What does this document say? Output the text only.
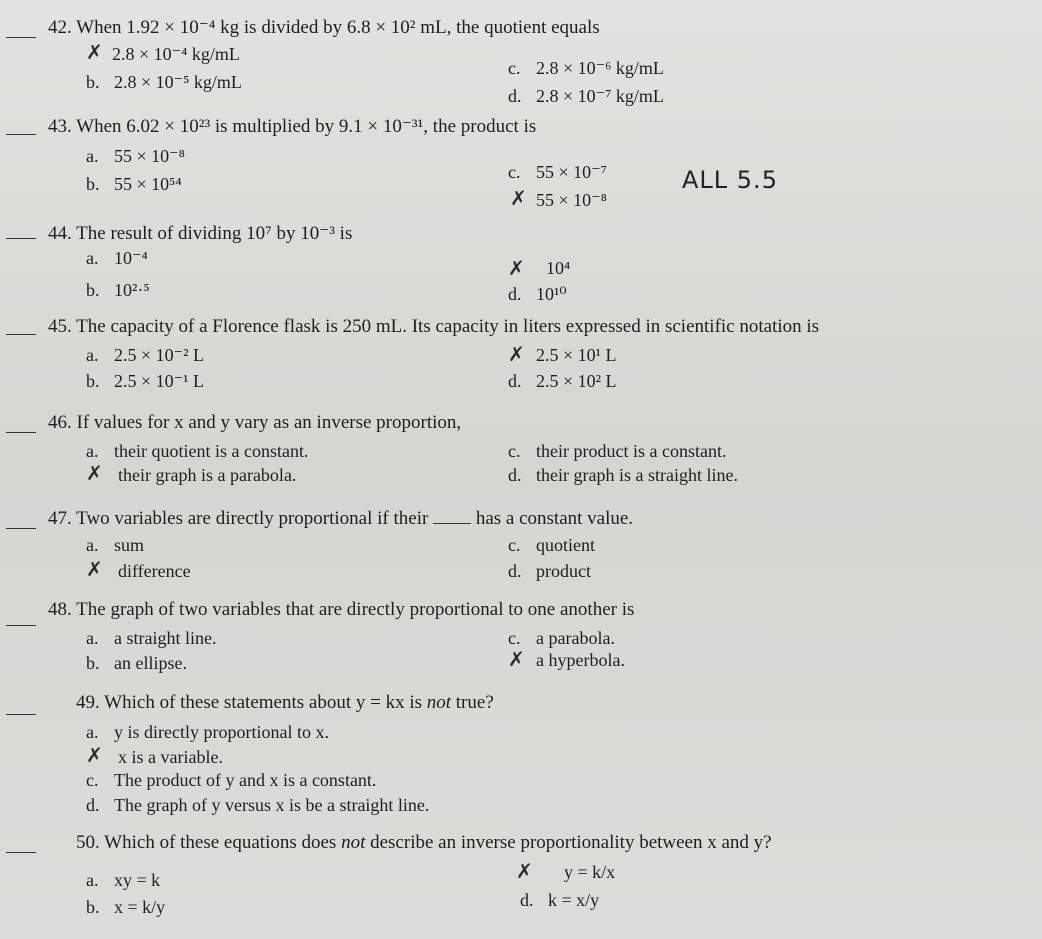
42. When 1.92 × 10⁻⁴ kg is divided by 6.8 × 10² mL, the quotient equals
✗ 2.8 × 10⁻⁴ kg/mL
b. 2.8 × 10⁻⁵ kg/mL
c. 2.8 × 10⁻⁶ kg/mL
d. 2.8 × 10⁻⁷ kg/mL
43. When 6.02 × 10²³ is multiplied by 9.1 × 10⁻³¹, the product is
a. 55 × 10⁻⁸
b. 55 × 10⁵⁴
c. 55 × 10⁻⁷
✗ 55 × 10⁻⁸
ALL 5.5
44. The result of dividing 10⁷ by 10⁻³ is
a. 10⁻⁴
b. 10²·⁵
✗ 10⁴
d. 10¹⁰
45. The capacity of a Florence flask is 250 mL. Its capacity in liters expressed in scientific notation is
a. 2.5 × 10⁻² L
b. 2.5 × 10⁻¹ L
✗ 2.5 × 10¹ L
d. 2.5 × 10² L
46. If values for x and y vary as an inverse proportion,
a. their quotient is a constant.
✗ their graph is a parabola.
c. their product is a constant.
d. their graph is a straight line.
47. Two variables are directly proportional if their	has a constant value.
a. sum
✗ difference
c. quotient
d. product
48. The graph of two variables that are directly proportional to one another is
a. a straight line.
b. an ellipse.
c. a parabola.
✗ a hyperbola.
49. Which of these statements about y = kx is not true?
a. y is directly proportional to x.
✗ x is a variable.
c. The product of y and x is a constant.
d. The graph of y versus x is be a straight line.
50. Which of these equations does not describe an inverse proportionality between x and y?
a. xy = k
b. x = k/y
✗ y = k/x
d. k = x/y
